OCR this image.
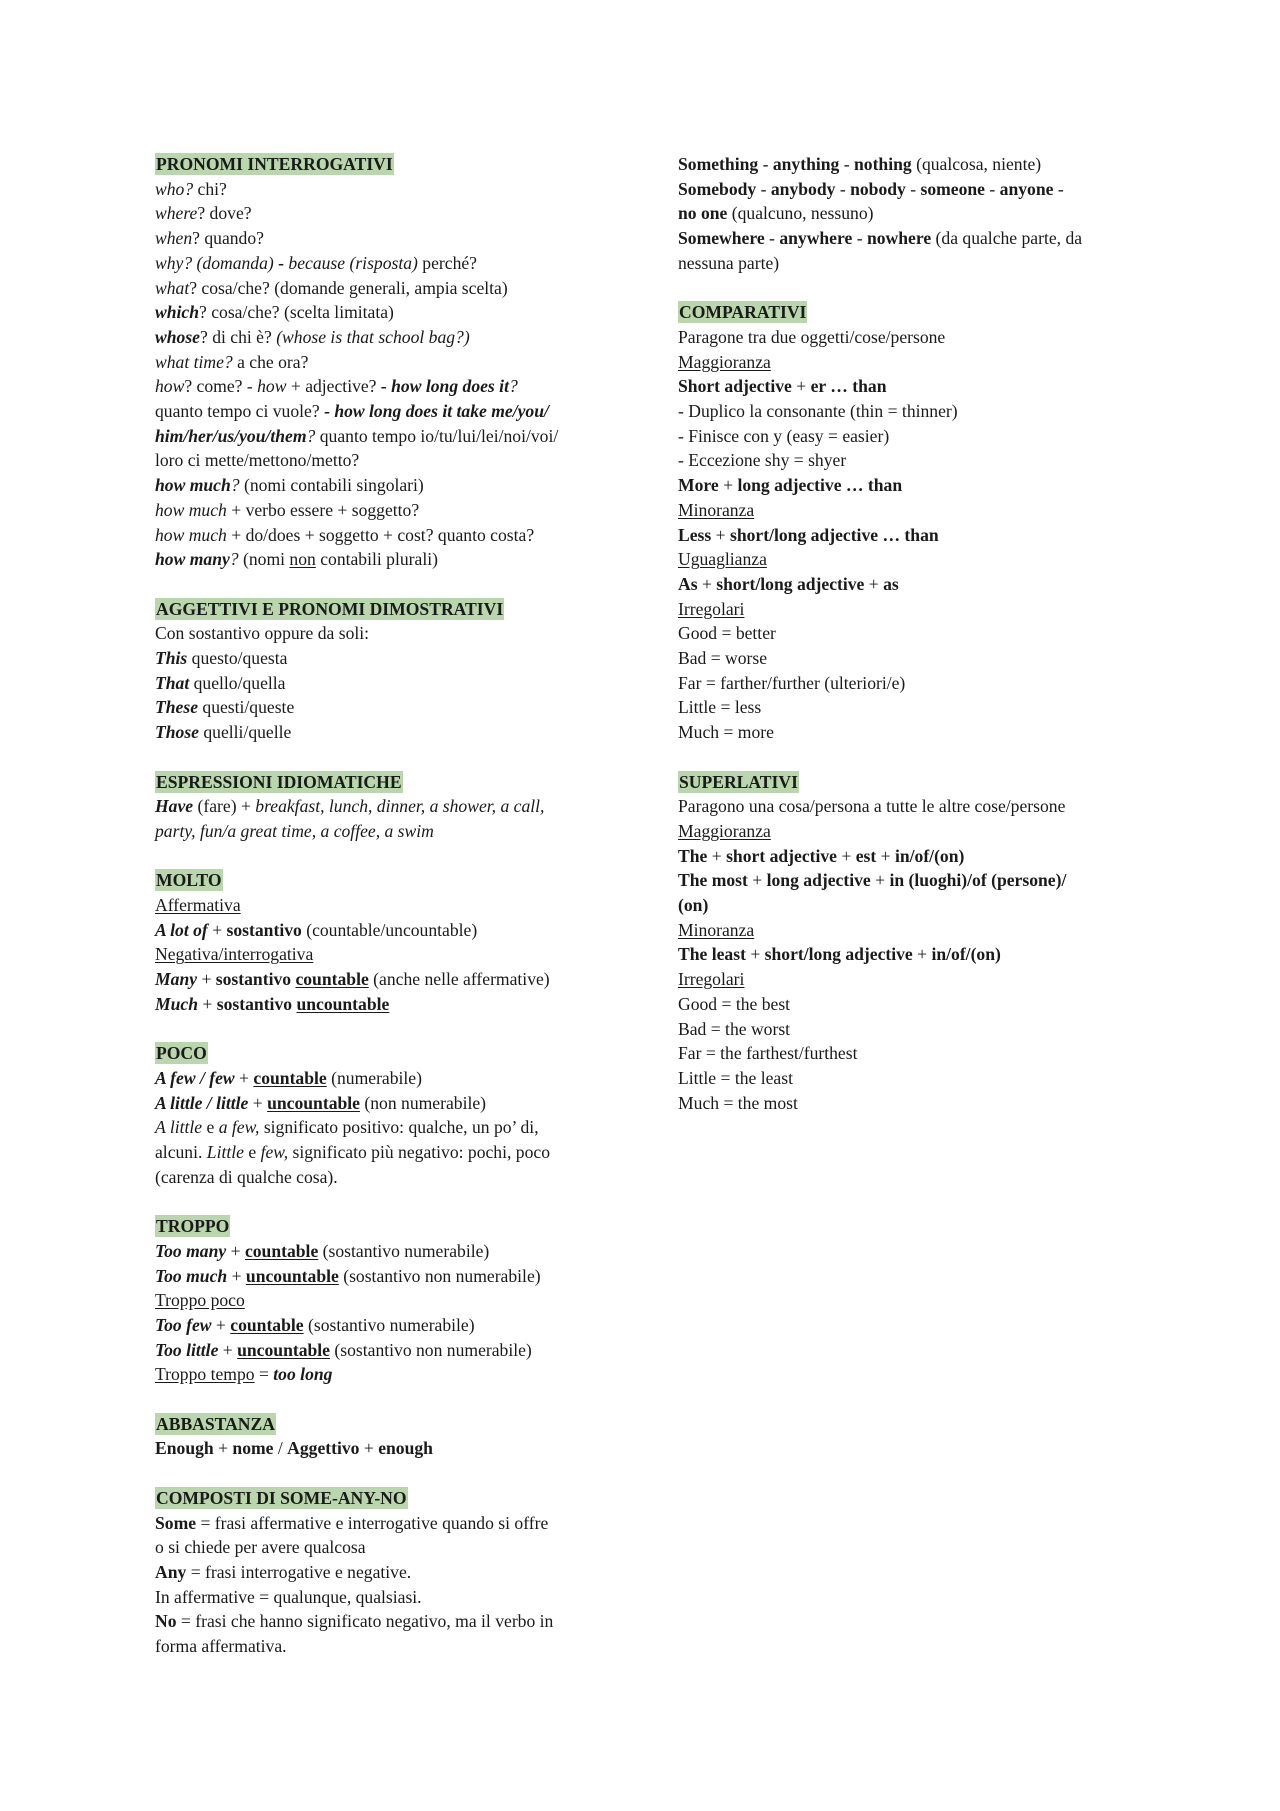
PRONOMI INTERROGATIVI
who? chi?
where? dove?
when? quando?
why? (domanda) - because (risposta) perché?
what? cosa/che? (domande generali, ampia scelta)
which? cosa/che? (scelta limitata)
whose? di chi è? (whose is that school bag?)
what time? a che ora?
how? come? - how + adjective? - how long does it?
quanto tempo ci vuole? - how long does it take me/you/
him/her/us/you/them? quanto tempo io/tu/lui/lei/noi/voi/
loro ci mette/mettono/metto?
how much? (nomi contabili singolari)
how much + verbo essere + soggetto?
how much + do/does + soggetto + cost? quanto costa?
how many? (nomi non contabili plurali)
AGGETTIVI E PRONOMI DIMOSTRATIVI
Con sostantivo oppure da soli:
This questo/questa
That quello/quella
These questi/queste
Those quelli/quelle
ESPRESSIONI IDIOMATICHE
Have (fare) + breakfast, lunch, dinner, a shower, a call,
party, fun/a great time, a coffee, a swim
MOLTO
Affermativa
A lot of + sostantivo (countable/uncountable)
Negativa/interrogativa
Many + sostantivo countable (anche nelle affermative)
Much + sostantivo uncountable
POCO
A few / few + countable (numerabile)
A little / little + uncountable (non numerabile)
A little e a few, significato positivo: qualche, un po’ di,
alcuni. Little e few, significato più negativo: pochi, poco
(carenza di qualche cosa).
TROPPO
Too many + countable (sostantivo numerabile)
Too much + uncountable (sostantivo non numerabile)
Troppo poco
Too few + countable (sostantivo numerabile)
Too little + uncountable (sostantivo non numerabile)
Troppo tempo = too long
ABBASTANZA
Enough + nome / Aggettivo + enough
COMPOSTI DI SOME-ANY-NO
Some = frasi affermative e interrogative quando si offre
o si chiede per avere qualcosa
Any = frasi interrogative e negative.
In affermative = qualunque, qualsiasi.
No = frasi che hanno significato negativo, ma il verbo in
forma affermativa.
Something - anything - nothing (qualcosa, niente)
Somebody - anybody - nobody - someone - anyone -
no one (qualcuno, nessuno)
Somewhere - anywhere - nowhere (da qualche parte, da
nessuna parte)
COMPARATIVI
Paragone tra due oggetti/cose/persone
Maggioranza
Short adjective + er … than
- Duplico la consonante (thin = thinner)
- Finisce con y (easy = easier)
- Eccezione shy = shyer
More + long adjective … than
Minoranza
Less + short/long adjective … than
Uguaglianza
As + short/long adjective + as
Irregolari
Good = better
Bad = worse
Far = farther/further (ulteriori/e)
Little = less
Much = more
SUPERLATIVI
Paragono una cosa/persona a tutte le altre cose/persone
Maggioranza
The + short adjective + est + in/of/(on)
The most + long adjective + in (luoghi)/of (persone)/
(on)
Minoranza
The least + short/long adjective + in/of/(on)
Irregolari
Good = the best
Bad = the worst
Far = the farthest/furthest
Little = the least
Much = the most
